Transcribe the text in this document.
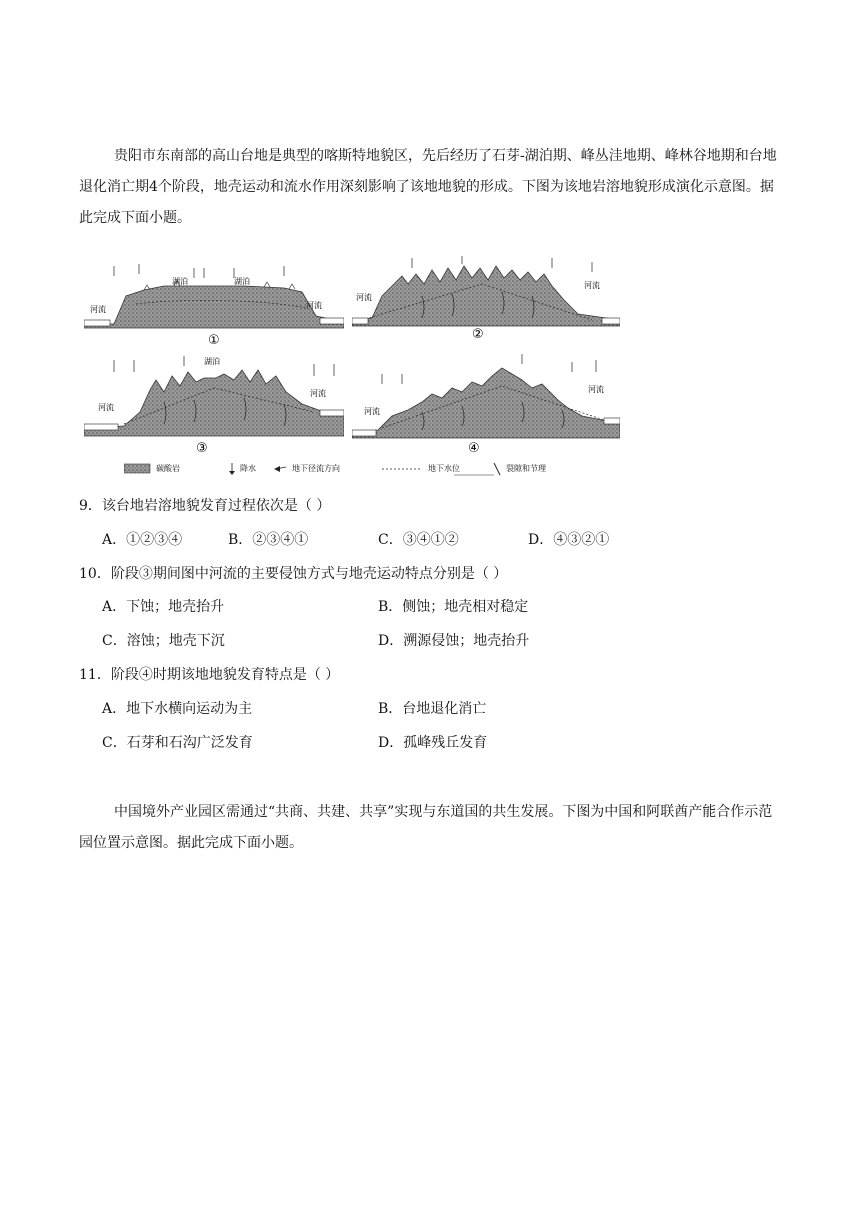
贵阳市东南部的高山台地是典型的喀斯特地貌区，先后经历了石芽-湖泊期、峰丛洼地期、峰林谷地期和台地退化消亡期4个阶段，地壳运动和流水作用深刻影响了该地地貌的形成。下图为该地岩溶地貌形成演化示意图。据此完成下面小题。

河流
湖泊	湖泊
河流
①
河流
河流
②
河流
湖泊
河流
③
河流
河流
④
碳酸岩	降水	地下径流方向	地下水位	裂隙和节理
9．该台地岩溶地貌发育过程依次是（ ）
A．①②③④	B．②③④①	C．③④①②	D．④③②①
10．阶段③期间图中河流的主要侵蚀方式与地壳运动特点分别是（ ）
A．下蚀；地壳抬升	B．侧蚀；地壳相对稳定
C．溶蚀；地壳下沉	D．溯源侵蚀；地壳抬升
11．阶段④时期该地地貌发育特点是（ ）
A．地下水横向运动为主	B．台地退化消亡
C．石芽和石沟广泛发育	D．孤峰残丘发育

中国境外产业园区需通过“共商、共建、共享”实现与东道国的共生发展。下图为中国和阿联酋产能合作示范园位置示意图。据此完成下面小题。
